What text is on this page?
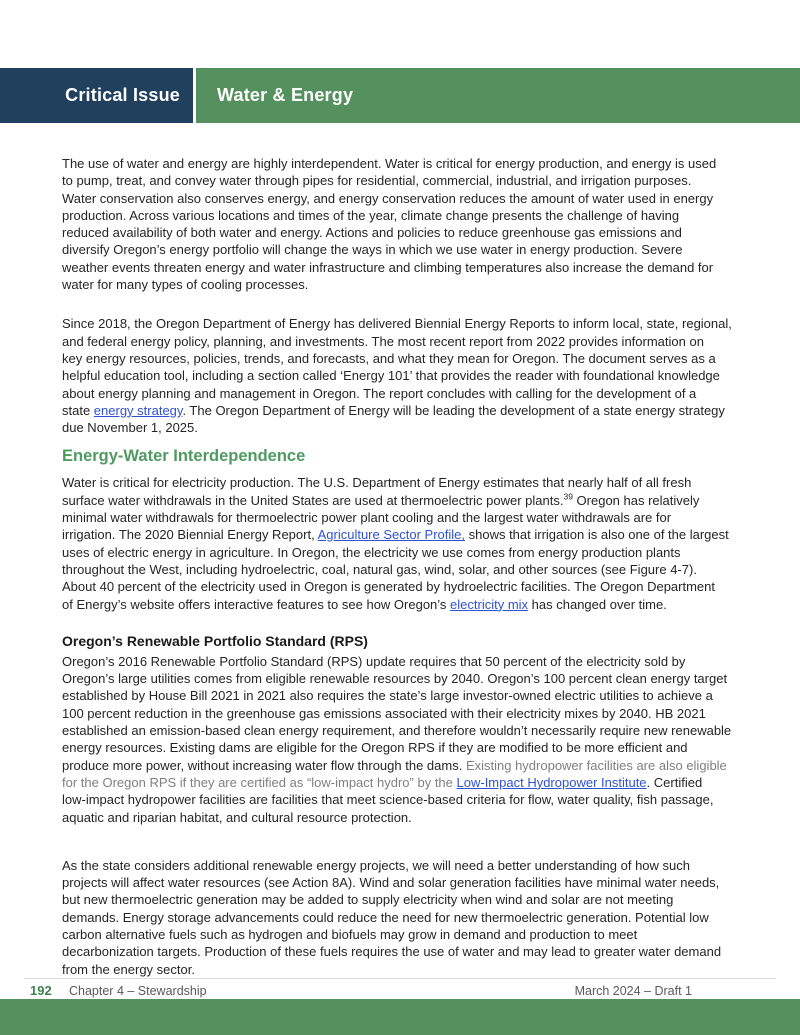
Critical Issue Water & Energy
The use of water and energy are highly interdependent. Water is critical for energy production, and energy is used
to pump, treat, and convey water through pipes for residential, commercial, industrial, and irrigation purposes.
Water conservation also conserves energy, and energy conservation reduces the amount of water used in energy
production. Across various locations and times of the year, climate change presents the challenge of having
reduced availability of both water and energy. Actions and policies to reduce greenhouse gas emissions and
diversify Oregon’s energy portfolio will change the ways in which we use water in energy production. Severe
weather events threaten energy and water infrastructure and climbing temperatures also increase the demand for
water for many types of cooling processes.
Since 2018, the Oregon Department of Energy has delivered Biennial Energy Reports to inform local, state, regional,
and federal energy policy, planning, and investments. The most recent report from 2022 provides information on
key energy resources, policies, trends, and forecasts, and what they mean for Oregon. The document serves as a
helpful education tool, including a section called ‘Energy 101’ that provides the reader with foundational knowledge
about energy planning and management in Oregon. The report concludes with calling for the development of a
state energy strategy. The Oregon Department of Energy will be leading the development of a state energy strategy
due November 1, 2025.
Energy-Water Interdependence
Water is critical for electricity production. The U.S. Department of Energy estimates that nearly half of all fresh
surface water withdrawals in the United States are used at thermoelectric power plants.$^{39}$ Oregon has relatively
minimal water withdrawals for thermoelectric power plant cooling and the largest water withdrawals are for
irrigation. The 2020 Biennial Energy Report, Agriculture Sector Profile, shows that irrigation is also one of the largest
uses of electric energy in agriculture. In Oregon, the electricity we use comes from energy production plants
throughout the West, including hydroelectric, coal, natural gas, wind, solar, and other sources (see Figure 4-7).
About 40 percent of the electricity used in Oregon is generated by hydroelectric facilities. The Oregon Department
of Energy’s website offers interactive features to see how Oregon’s electricity mix has changed over time.
Oregon’s Renewable Portfolio Standard (RPS)
Oregon’s 2016 Renewable Portfolio Standard (RPS) update requires that 50 percent of the electricity sold by
Oregon’s large utilities comes from eligible renewable resources by 2040. Oregon’s 100 percent clean energy target
established by House Bill 2021 in 2021 also requires the state’s large investor-owned electric utilities to achieve a
100 percent reduction in the greenhouse gas emissions associated with their electricity mixes by 2040. HB 2021
established an emission-based clean energy requirement, and therefore wouldn’t necessarily require new renewable
energy resources. Existing dams are eligible for the Oregon RPS if they are modified to be more efficient and
produce more power, without increasing water flow through the dams. Existing hydropower facilities are also eligible
for the Oregon RPS if they are certified as “low-impact hydro” by the Low-Impact Hydropower Institute. Certified
low-impact hydropower facilities are facilities that meet science-based criteria for flow, water quality, fish passage,
aquatic and riparian habitat, and cultural resource protection.
As the state considers additional renewable energy projects, we will need a better understanding of how such
projects will affect water resources (see Action 8A). Wind and solar generation facilities have minimal water needs,
but new thermoelectric generation may be added to supply electricity when wind and solar are not meeting
demands. Energy storage advancements could reduce the need for new thermoelectric generation. Potential low
carbon alternative fuels such as hydrogen and biofuels may grow in demand and production to meet
decarbonization targets. Production of these fuels requires the use of water and may lead to greater water demand
from the energy sector.
192 Chapter 4 – Stewardship	March 2024 – Draft 1
